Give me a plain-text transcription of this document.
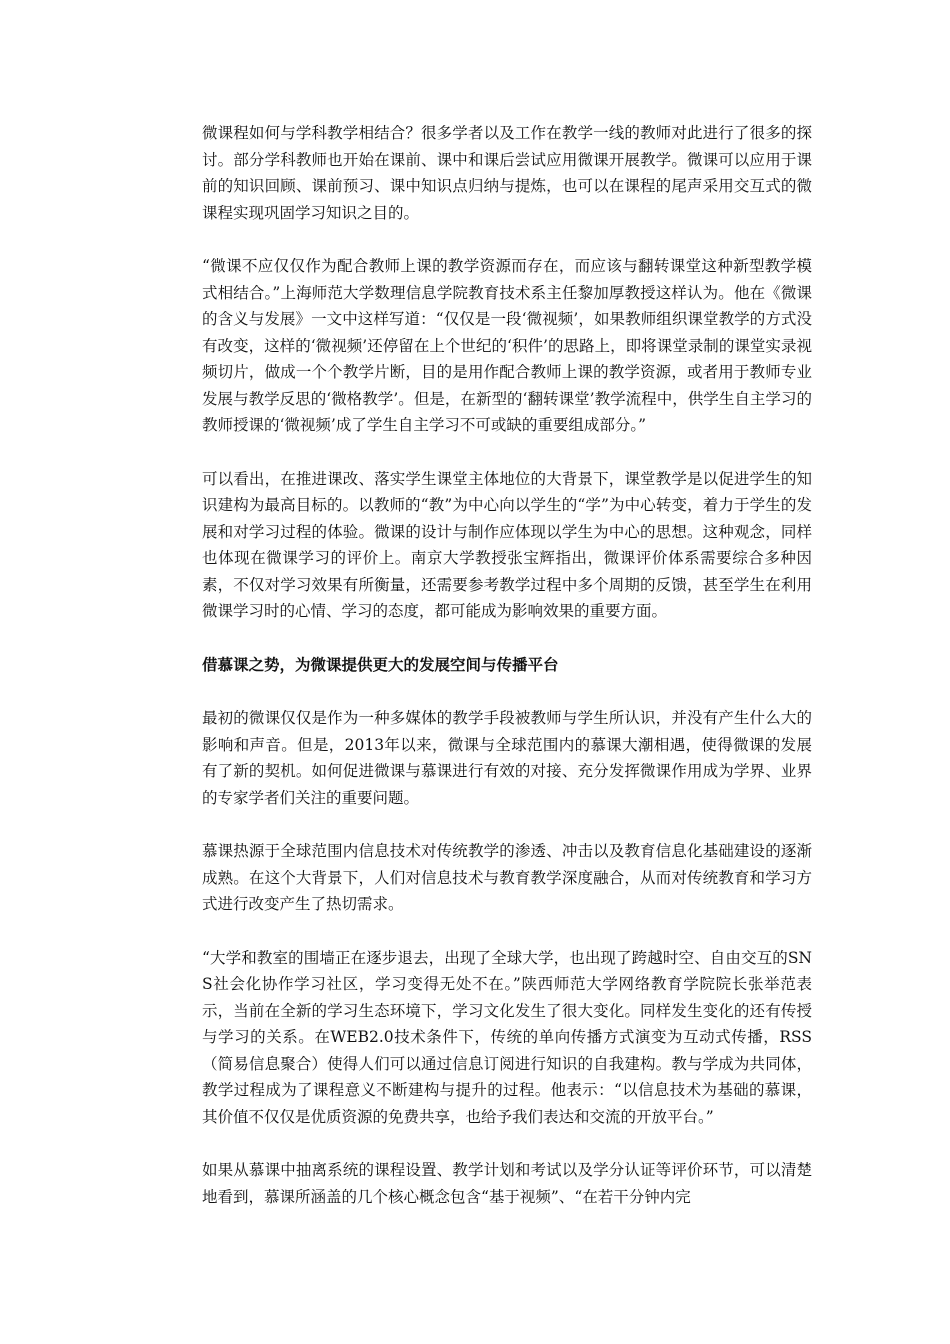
微课程如何与学科教学相结合？很多学者以及工作在教学一线的教师对此进行了很多的探讨。部分学科教师也开始在课前、课中和课后尝试应用微课开展教学。微课可以应用于课前的知识回顾、课前预习、课中知识点归纳与提炼，也可以在课程的尾声采用交互式的微课程实现巩固学习知识之目的。

“微课不应仅仅作为配合教师上课的教学资源而存在，而应该与翻转课堂这种新型教学模式相结合。”上海师范大学数理信息学院教育技术系主任黎加厚教授这样认为。他在《微课的含义与发展》一文中这样写道：“仅仅是一段‘微视频’，如果教师组织课堂教学的方式没有改变，这样的‘微视频’还停留在上个世纪的‘积件’的思路上，即将课堂录制的课堂实录视频切片，做成一个个教学片断，目的是用作配合教师上课的教学资源，或者用于教师专业发展与教学反思的‘微格教学’。但是，在新型的‘翻转课堂’教学流程中，供学生自主学习的教师授课的‘微视频’成了学生自主学习不可或缺的重要组成部分。”

可以看出，在推进课改、落实学生课堂主体地位的大背景下，课堂教学是以促进学生的知识建构为最高目标的。以教师的“教”为中心向以学生的“学”为中心转变，着力于学生的发展和对学习过程的体验。微课的设计与制作应体现以学生为中心的思想。这种观念，同样也体现在微课学习的评价上。南京大学教授张宝辉指出，微课评价体系需要综合多种因素，不仅对学习效果有所衡量，还需要参考教学过程中多个周期的反馈，甚至学生在利用微课学习时的心情、学习的态度，都可能成为影响效果的重要方面。

借慕课之势，为微课提供更大的发展空间与传播平台

最初的微课仅仅是作为一种多媒体的教学手段被教师与学生所认识，并没有产生什么大的影响和声音。但是，2013年以来，微课与全球范围内的慕课大潮相遇，使得微课的发展有了新的契机。如何促进微课与慕课进行有效的对接、充分发挥微课作用成为学界、业界的专家学者们关注的重要问题。

慕课热源于全球范围内信息技术对传统教学的渗透、冲击以及教育信息化基础建设的逐渐成熟。在这个大背景下，人们对信息技术与教育教学深度融合，从而对传统教育和学习方式进行改变产生了热切需求。

“大学和教室的围墙正在逐步退去，出现了全球大学，也出现了跨越时空、自由交互的SNS社会化协作学习社区，学习变得无处不在。”陕西师范大学网络教育学院院长张举范表示，当前在全新的学习生态环境下，学习文化发生了很大变化。同样发生变化的还有传授与学习的关系。在WEB2.0技术条件下，传统的单向传播方式演变为互动式传播，RSS（简易信息聚合）使得人们可以通过信息订阅进行知识的自我建构。教与学成为共同体，教学过程成为了课程意义不断建构与提升的过程。他表示：“以信息技术为基础的慕课，其价值不仅仅是优质资源的免费共享，也给予我们表达和交流的开放平台。”

如果从慕课中抽离系统的课程设置、教学计划和考试以及学分认证等评价环节，可以清楚地看到，慕课所涵盖的几个核心概念包含“基于视频”、“在若干分钟内完
